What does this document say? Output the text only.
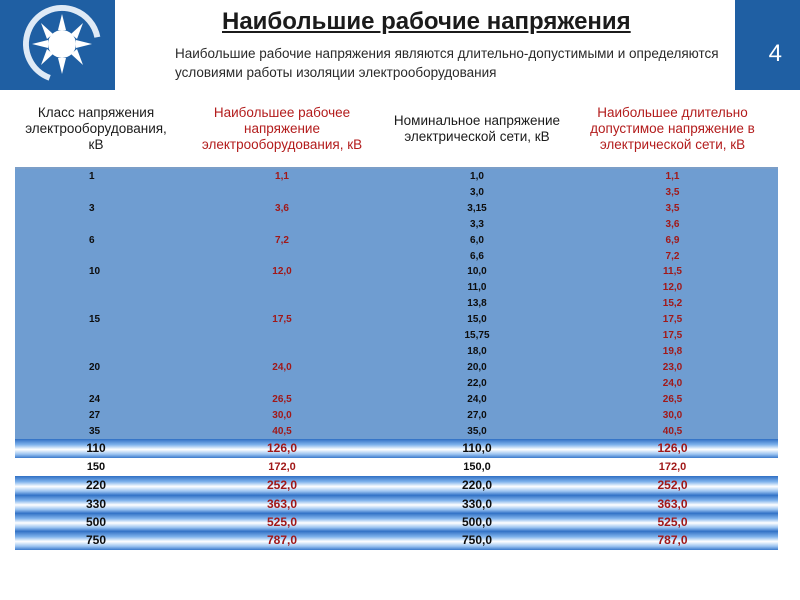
Наибольшие рабочие напряжения
Наибольшие рабочие напряжения являются длительно-допустимыми и определяются условиями работы изоляции электрооборудования
4
Класс напряжения электрооборудования, кВ	Наибольшее рабочее напряжение электрооборудования, кВ	Номинальное напряжение электрической сети, кВ	Наибольшее длительно допустимое напряжение в электрической сети, кВ
1	1,1	1,0	1,1
		3,0	3,5
3	3,6	3,15	3,5
		3,3	3,6
6	7,2	6,0	6,9
		6,6	7,2
10	12,0	10,0	11,5
		11,0	12,0
		13,8	15,2
15	17,5	15,0	17,5
		15,75	17,5
		18,0	19,8
20	24,0	20,0	23,0
		22,0	24,0
24	26,5	24,0	26,5
27	30,0	27,0	30,0
35	40,5	35,0	40,5
110	126,0	110,0	126,0
150	172,0	150,0	172,0
220	252,0	220,0	252,0
330	363,0	330,0	363,0
500	525,0	500,0	525,0
750	787,0	750,0	787,0
